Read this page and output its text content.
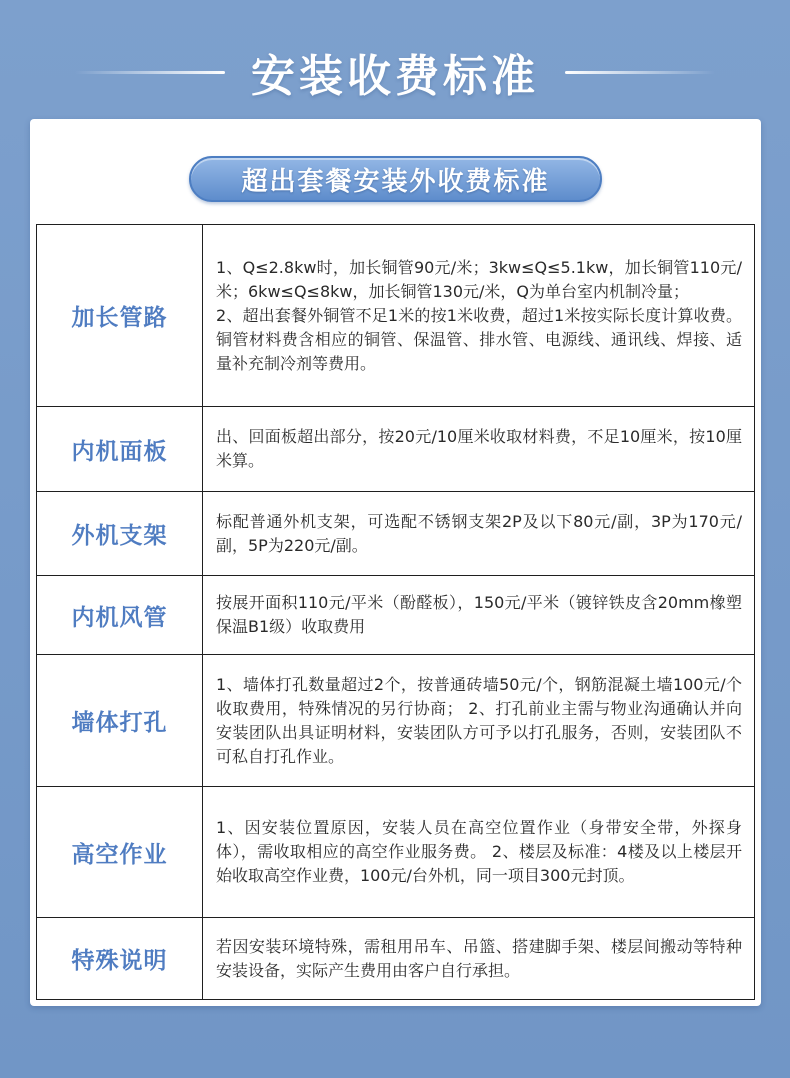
安装收费标准
超出套餐安装外收费标准
加长管路	1、Q≤2.8kw时，加长铜管90元/米；3kw≤Q≤5.1kw，加长铜管110元/米；6kw≤Q≤8kw，加长铜管130元/米，Q为单台室内机制冷量；
2、超出套餐外铜管不足1米的按1米收费，超过1米按实际长度计算收费。铜管材料费含相应的铜管、保温管、排水管、电源线、通讯线、焊接、适量补充制冷剂等费用。

内机面板	出、回面板超出部分，按20元/10厘米收取材料费，不足10厘米，按10厘米算。

外机支架	标配普通外机支架，可选配不锈钢支架2P及以下80元/副，3P为170元/副，5P为220元/副。

内机风管	按展开面积110元/平米（酚醛板），150元/平米（镀锌铁皮含20mm橡塑保温B1级）收取费用

墙体打孔	1、墙体打孔数量超过2个，按普通砖墙50元/个，钢筋混凝土墙100元/个收取费用，特殊情况的另行协商； 2、打孔前业主需与物业沟通确认并向安装团队出具证明材料，安装团队方可予以打孔服务，否则，安装团队不可私自打孔作业。

高空作业	1、因安装位置原因，安装人员在高空位置作业（身带安全带，外探身体），需收取相应的高空作业服务费。 2、楼层及标准：4楼及以上楼层开始收取高空作业费，100元/台外机，同一项目300元封顶。

特殊说明	若因安装环境特殊，需租用吊车、吊篮、搭建脚手架、楼层间搬动等特种安装设备，实际产生费用由客户自行承担。
